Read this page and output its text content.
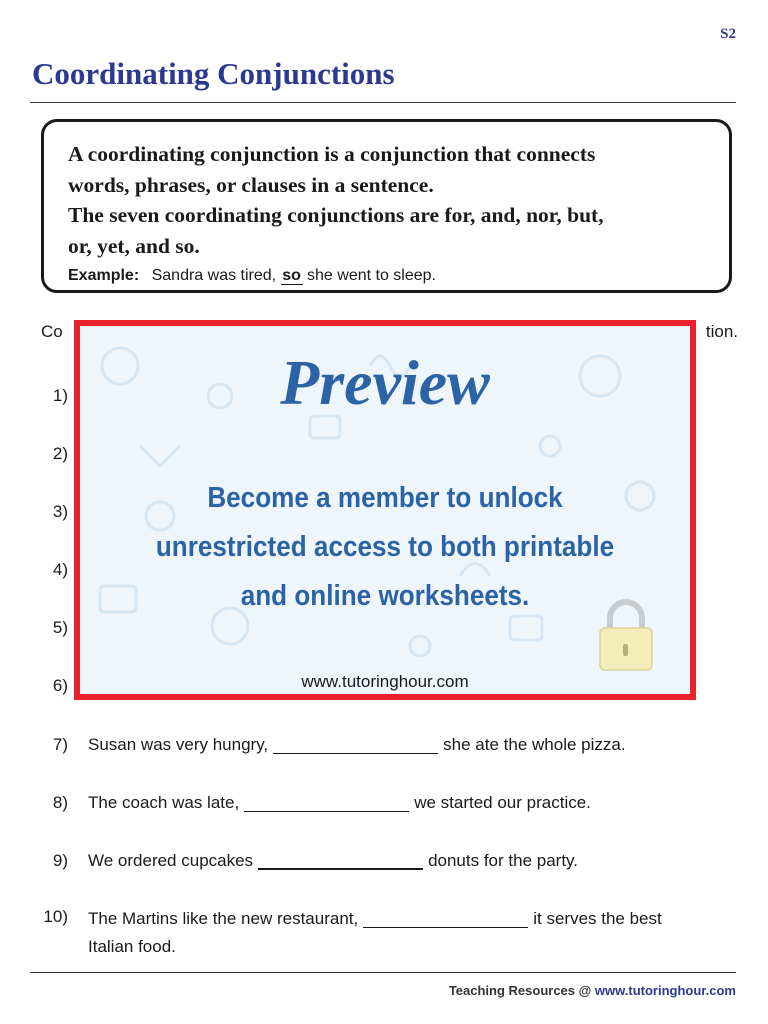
S2
Coordinating Conjunctions

A coordinating conjunction is a conjunction that connects

words, phrases, or clauses in a sentence.

The seven coordinating conjunctions are for, and, nor, but,

or, yet, and so.

Example: Sandra was tired, so she went to sleep.
Co	tion.
1)
2)
3)
4)
5)
6)
7) Susan was very hungry,	she ate the whole pizza.
8) The coach was late,	we started our practice.
9) We ordered cupcakes	donuts for the party.
10) The Martins like the new restaurant,	it serves the best
Italian food.
Teaching Resources @ www.tutoringhour.com
Preview
Become a member to unlock
unrestricted access to both printable
and online worksheets.
www.tutoringhour.com
